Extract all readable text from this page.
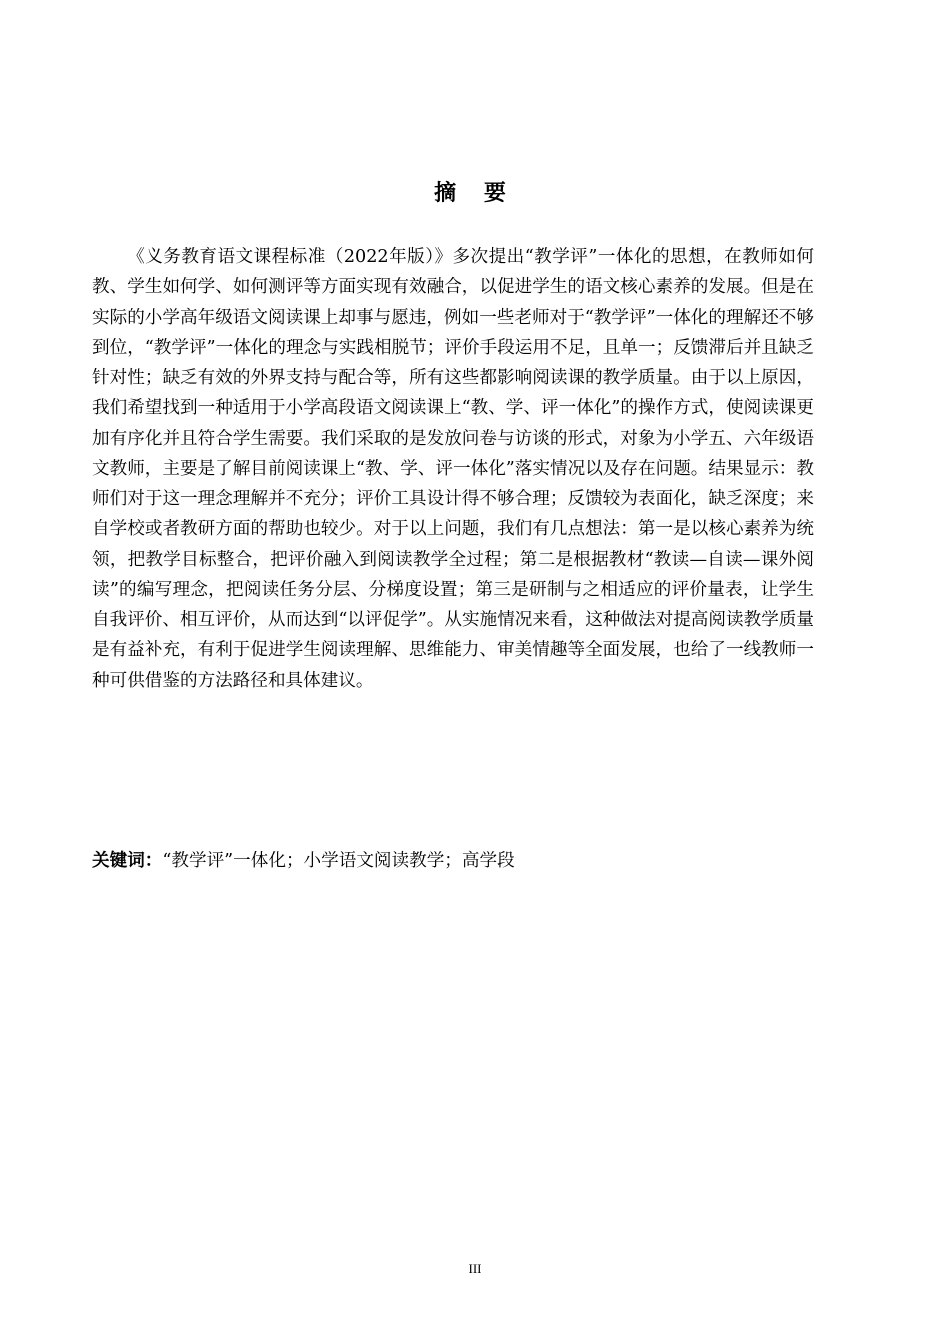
摘 要

《义务教育语文课程标准（2022年版）》多次提出“教学评”一体化的思想，在教师如何教、学生如何学、如何测评等方面实现有效融合，以促进学生的语文核心素养的发展。但是在实际的小学高年级语文阅读课上却事与愿违，例如一些老师对于“教学评”一体化的理解还不够到位，“教学评”一体化的理念与实践相脱节；评价手段运用不足，且单一；反馈滞后并且缺乏针对性；缺乏有效的外界支持与配合等，所有这些都影响阅读课的教学质量。由于以上原因，我们希望找到一种适用于小学高段语文阅读课上“教、学、评一体化”的操作方式，使阅读课更加有序化并且符合学生需要。我们采取的是发放问卷与访谈的形式，对象为小学五、六年级语文教师，主要是了解目前阅读课上“教、学、评一体化”落实情况以及存在问题。结果显示：教师们对于这一理念理解并不充分；评价工具设计得不够合理；反馈较为表面化，缺乏深度；来自学校或者教研方面的帮助也较少。对于以上问题，我们有几点想法：第一是以核心素养为统领，把教学目标整合，把评价融入到阅读教学全过程；第二是根据教材“教读—自读—课外阅读”的编写理念，把阅读任务分层、分梯度设置；第三是研制与之相适应的评价量表，让学生自我评价、相互评价，从而达到“以评促学”。从实施情况来看，这种做法对提高阅读教学质量是有益补充，有利于促进学生阅读理解、思维能力、审美情趣等全面发展，也给了一线教师一种可供借鉴的方法路径和具体建议。

关键词：“教学评”一体化；小学语文阅读教学；高学段

III
